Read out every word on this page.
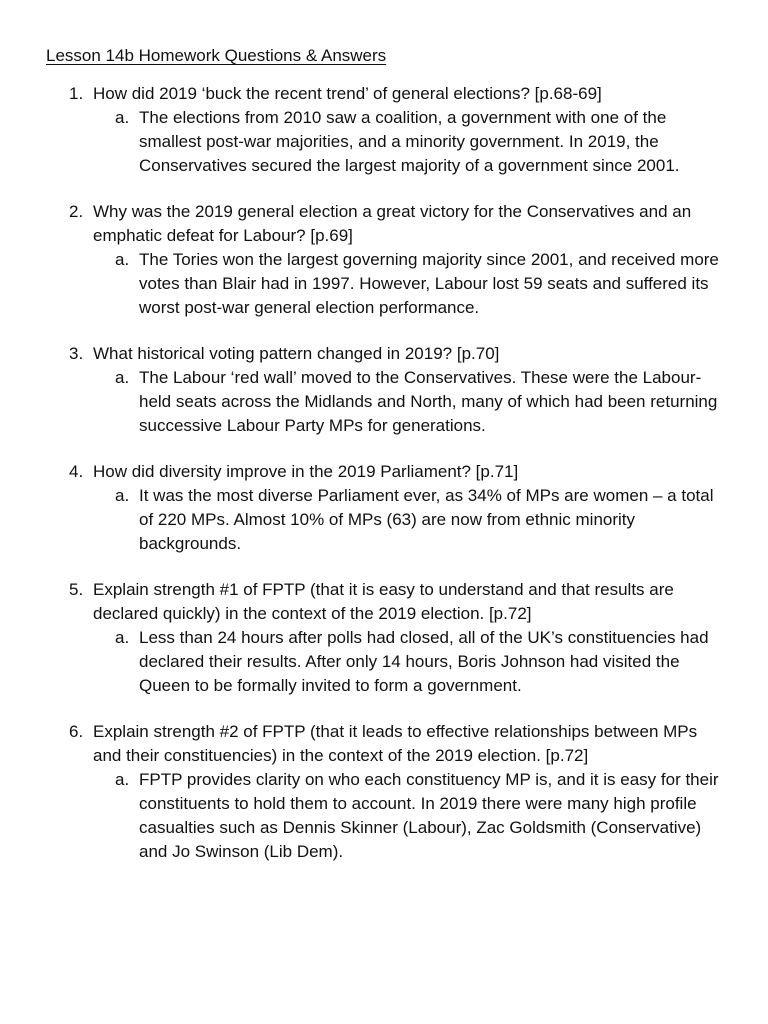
Lesson 14b Homework Questions & Answers
1. How did 2019 ‘buck the recent trend’ of general elections? [p.68-69]
a. The elections from 2010 saw a coalition, a government with one of the smallest post-war majorities, and a minority government. In 2019, the Conservatives secured the largest majority of a government since 2001.
2. Why was the 2019 general election a great victory for the Conservatives and an emphatic defeat for Labour? [p.69]
a. The Tories won the largest governing majority since 2001, and received more votes than Blair had in 1997. However, Labour lost 59 seats and suffered its worst post-war general election performance.
3. What historical voting pattern changed in 2019? [p.70]
a. The Labour ‘red wall’ moved to the Conservatives. These were the Labour-held seats across the Midlands and North, many of which had been returning successive Labour Party MPs for generations.
4. How did diversity improve in the 2019 Parliament? [p.71]
a. It was the most diverse Parliament ever, as 34% of MPs are women – a total of 220 MPs. Almost 10% of MPs (63) are now from ethnic minority backgrounds.
5. Explain strength #1 of FPTP (that it is easy to understand and that results are declared quickly) in the context of the 2019 election. [p.72]
a. Less than 24 hours after polls had closed, all of the UK’s constituencies had declared their results. After only 14 hours, Boris Johnson had visited the Queen to be formally invited to form a government.
6. Explain strength #2 of FPTP (that it leads to effective relationships between MPs and their constituencies) in the context of the 2019 election. [p.72]
a. FPTP provides clarity on who each constituency MP is, and it is easy for their constituents to hold them to account. In 2019 there were many high profile casualties such as Dennis Skinner (Labour), Zac Goldsmith (Conservative) and Jo Swinson (Lib Dem).
